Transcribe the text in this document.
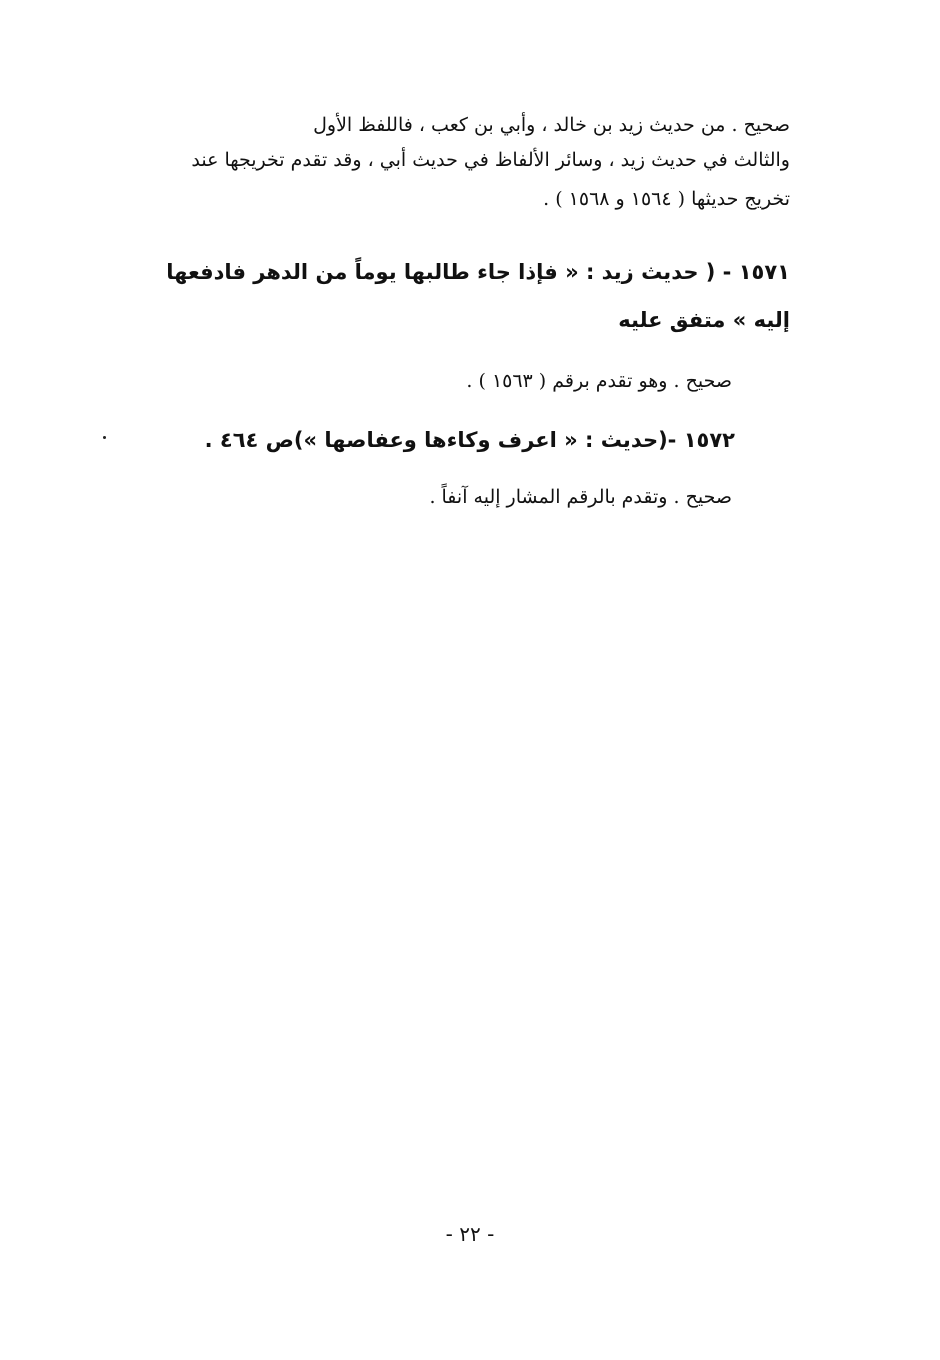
صحيح . من حديث زيد بن خالد ، وأبي بن كعب ، فاللفظ الأول
والثالث في حديث زيد ، وسائر الألفاظ في حديث أبي ، وقد تقدم تخريجها عند
تخريج حديثها ( ١٥٦٤ و ١٥٦٨ ) .
١٥٧١ - ( حديث زيد : « فإذا جاء طالبها يوماً من الدهر فادفعها
إليه » متفق عليه
صحيح . وهو تقدم برقم ( ١٥٦٣ ) .
١٥٧٢ -(حديث : « اعرف وكاءها وعفاصها »)ص ٤٦٤ .
صحيح . وتقدم بالرقم المشار إليه آنفاً .
- ٢٢ -
